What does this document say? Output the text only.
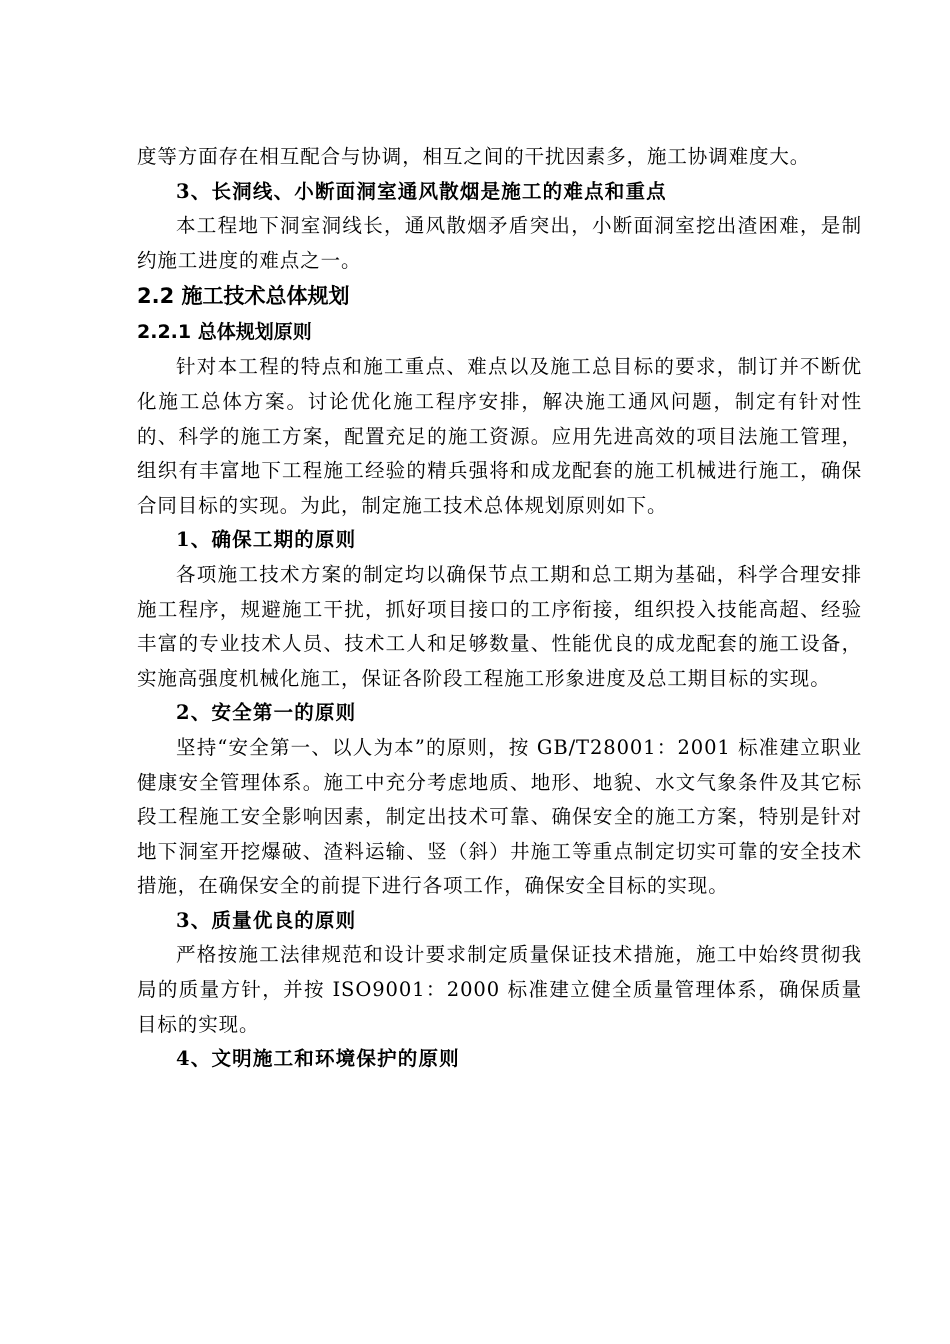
度等方面存在相互配合与协调，相互之间的干扰因素多，施工协调难度大。

3、长洞线、小断面洞室通风散烟是施工的难点和重点

本工程地下洞室洞线长，通风散烟矛盾突出，小断面洞室挖出渣困难，是制约施工进度的难点之一。

2.2 施工技术总体规划
2.2.1 总体规划原则

针对本工程的特点和施工重点、难点以及施工总目标的要求，制订并不断优化施工总体方案。讨论优化施工程序安排，解决施工通风问题，制定有针对性的、科学的施工方案，配置充足的施工资源。应用先进高效的项目法施工管理，组织有丰富地下工程施工经验的精兵强将和成龙配套的施工机械进行施工，确保合同目标的实现。为此，制定施工技术总体规划原则如下。

1、确保工期的原则

各项施工技术方案的制定均以确保节点工期和总工期为基础，科学合理安排施工程序，规避施工干扰，抓好项目接口的工序衔接，组织投入技能高超、经验丰富的专业技术人员、技术工人和足够数量、性能优良的成龙配套的施工设备，实施高强度机械化施工，保证各阶段工程施工形象进度及总工期目标的实现。

2、安全第一的原则

坚持“安全第一、以人为本”的原则，按 GB/T28001：2001 标准建立职业健康安全管理体系。施工中充分考虑地质、地形、地貌、水文气象条件及其它标段工程施工安全影响因素，制定出技术可靠、确保安全的施工方案，特别是针对地下洞室开挖爆破、渣料运输、竖（斜）井施工等重点制定切实可靠的安全技术措施，在确保安全的前提下进行各项工作，确保安全目标的实现。

3、质量优良的原则

严格按施工法律规范和设计要求制定质量保证技术措施，施工中始终贯彻我局的质量方针，并按 ISO9001：2000 标准建立健全质量管理体系，确保质量目标的实现。

4、文明施工和环境保护的原则
